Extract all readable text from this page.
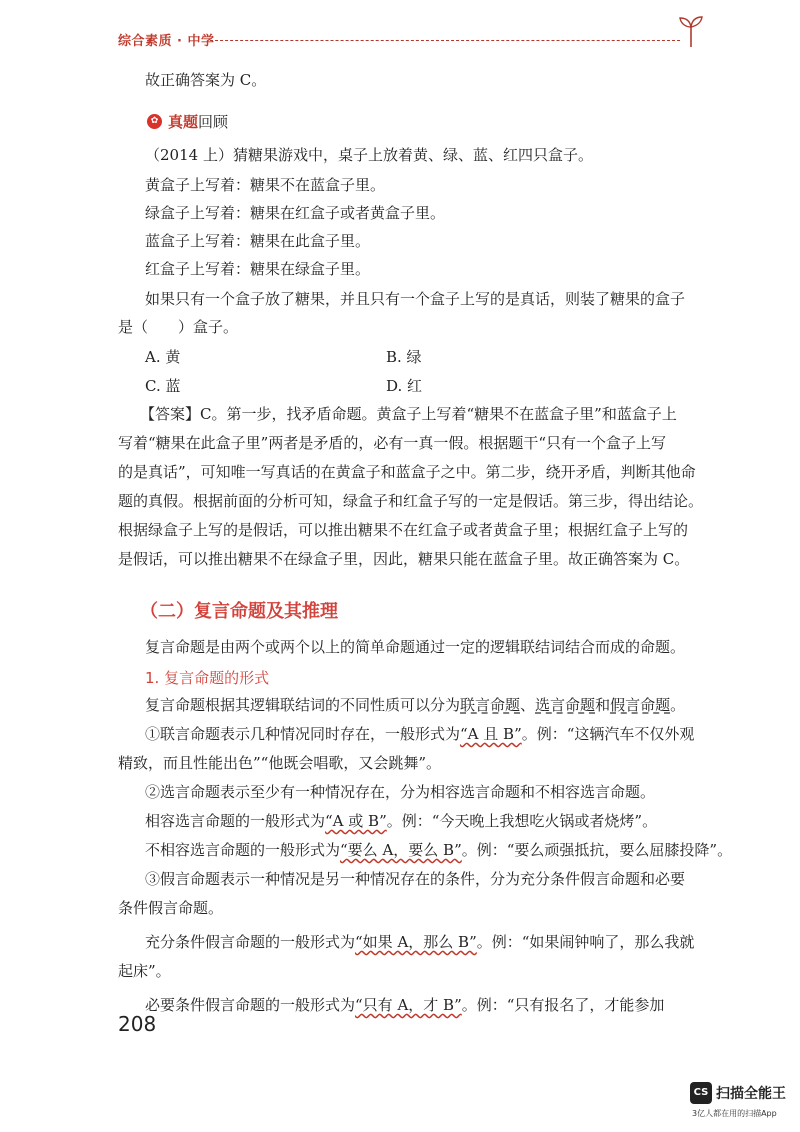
综合素质 · 中学
故正确答案为 C。
✿ 真题回顾
（2014 上）猜糖果游戏中，桌子上放着黄、绿、蓝、红四只盒子。
黄盒子上写着：糖果不在蓝盒子里。
绿盒子上写着：糖果在红盒子或者黄盒子里。
蓝盒子上写着：糖果在此盒子里。
红盒子上写着：糖果在绿盒子里。
如果只有一个盒子放了糖果，并且只有一个盒子上写的是真话，则装了糖果的盒子
是（　　）盒子。
A. 黄	B. 绿
C. 蓝	D. 红
【答案】C。第一步，找矛盾命题。黄盒子上写着“糖果不在蓝盒子里”和蓝盒子上
写着“糖果在此盒子里”两者是矛盾的，必有一真一假。根据题干“只有一个盒子上写
的是真话”，可知唯一写真话的在黄盒子和蓝盒子之中。第二步，绕开矛盾，判断其他命
题的真假。根据前面的分析可知，绿盒子和红盒子写的一定是假话。第三步，得出结论。
根据绿盒子上写的是假话，可以推出糖果不在红盒子或者黄盒子里；根据红盒子上写的
是假话，可以推出糖果不在绿盒子里，因此，糖果只能在蓝盒子里。故正确答案为 C。
（二）复言命题及其推理
复言命题是由两个或两个以上的简单命题通过一定的逻辑联结词结合而成的命题。
1. 复言命题的形式
复言命题根据其逻辑联结词的不同性质可以分为联言命题、选言命题和假言命题。
①联言命题表示几种情况同时存在，一般形式为“A 且 B”。例：“这辆汽车不仅外观
精致，而且性能出色”“他既会唱歌，又会跳舞”。
②选言命题表示至少有一种情况存在，分为相容选言命题和不相容选言命题。
相容选言命题的一般形式为“A 或 B”。例：“今天晚上我想吃火锅或者烧烤”。
不相容选言命题的一般形式为“要么 A，要么 B”。例：“要么顽强抵抗，要么屈膝投降”。
③假言命题表示一种情况是另一种情况存在的条件，分为充分条件假言命题和必要
条件假言命题。
充分条件假言命题的一般形式为“如果 A，那么 B”。例：“如果闹钟响了，那么我就
起床”。
必要条件假言命题的一般形式为“只有 A，才 B”。例：“只有报名了，才能参加
208
CS 扫描全能王
3亿人都在用的扫描App
